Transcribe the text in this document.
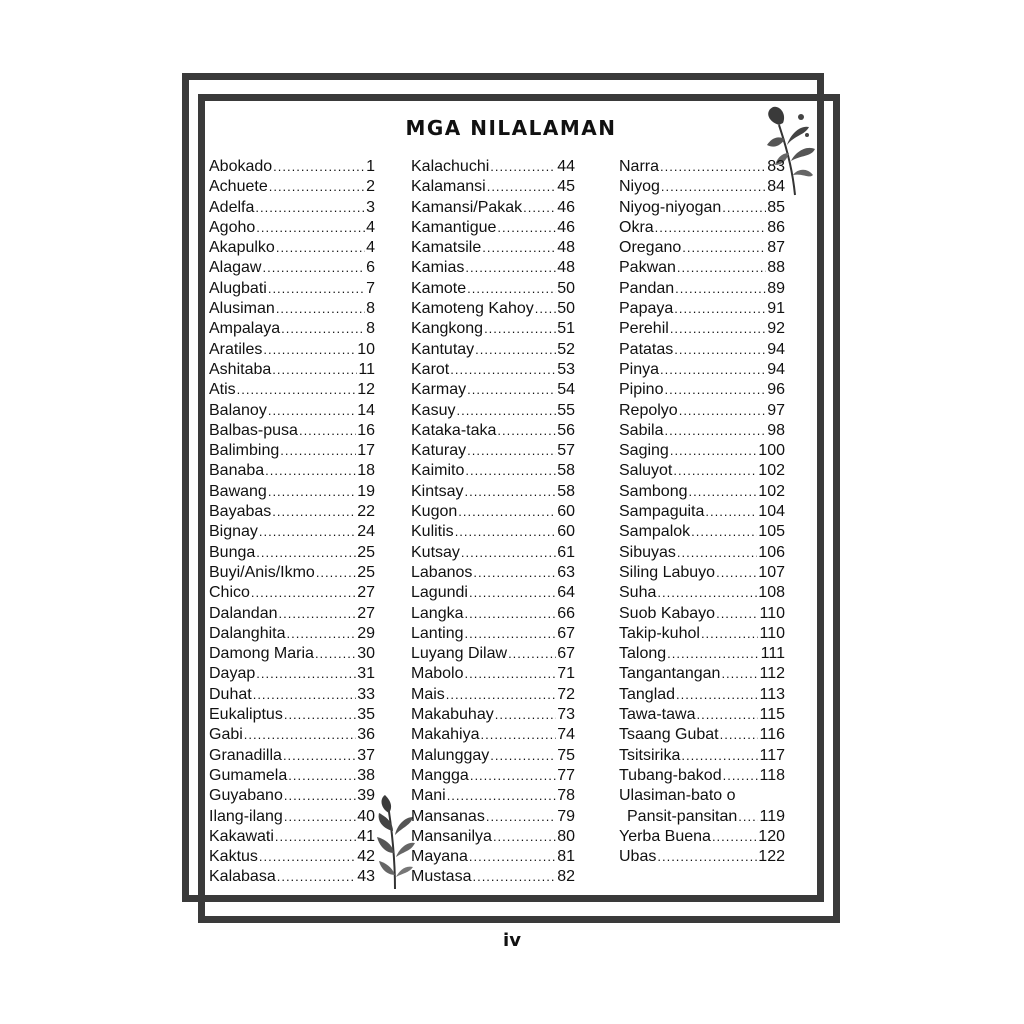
MGA NILALAMAN
Abokado .....	1
Achuete .....	2
Adelfa .....	3
Agoho .....	4
Akapulko .....	4
Alagaw .....	6
Alugbati .....	7
Alusiman .....	8
Ampalaya .....	8
Aratiles .....	10
Ashitaba .....	11
Atis .....	12
Balanoy .....	14
Balbas-pusa .....	16
Balimbing .....	17
Banaba .....	18
Bawang .....	19
Bayabas .....	22
Bignay .....	24
Bunga .....	25
Buyi/Anis/Ikmo .....	25
Chico .....	27
Dalandan .....	27
Dalanghita .....	29
Damong Maria .....	30
Dayap .....	31
Duhat .....	33
Eukaliptus .....	35
Gabi .....	36
Granadilla .....	37
Gumamela .....	38
Guyabano .....	39
Ilang-ilang .....	40
Kakawati .....	41
Kaktus .....	42
Kalabasa .....	43
Kalachuchi .....	44
Kalamansi .....	45
Kamansi/Pakak ..... 46
Kamantigue .....	46
Kamatsile .....	48
Kamias .....	48
Kamote .....	50
Kamoteng Kahoy ..... 50
Kangkong .....	51
Kantutay .....	52
Karot .....	53
Karmay .....	54
Kasuy .....	55
Kataka-taka .....	56
Katuray .....	57
Kaimito .....	58
Kintsay .....	58
Kugon .....	60
Kulitis .....	60
Kutsay .....	61
Labanos .....	63
Lagundi .....	64
Langka .....	66
Lanting .....	67
Luyang Dilaw .....	67
Mabolo .....	71
Mais .....	72
Makabuhay .....	73
Makahiya .....	74
Malunggay .....	75
Mangga .....	77
Mani .....	78
Mansanas .....	79
Mansanilya .....	80
Mayana .....	81
Mustasa .....	82
Narra .....	83
Niyog .....	84
Niyog-niyogan .....	85
Okra .....	86
Oregano .....	87
Pakwan .....	88
Pandan .....	89
Papaya .....	91
Perehil .....	92
Patatas .....	94
Pinya .....	94
Pipino .....	96
Repolyo .....	97
Sabila .....	98
Saging .....	100
Saluyot .....	102
Sambong .....	102
Sampaguita .....	104
Sampalok .....	105
Sibuyas .....	106
Siling Labuyo .....	107
Suha .....	108
Suob Kabayo .....	110
Takip-kuhol .....	110
Talong .....	111
Tangantangan ..... 112
Tanglad .....	113
Tawa-tawa .....	115
Tsaang Gubat .....	116
Tsitsirika .....	117
Tubang-bakod ..... 118
Ulasiman-bato o
Pansit-pansitan ..... 119
Yerba Buena .....	120
Ubas .....	122
iv
